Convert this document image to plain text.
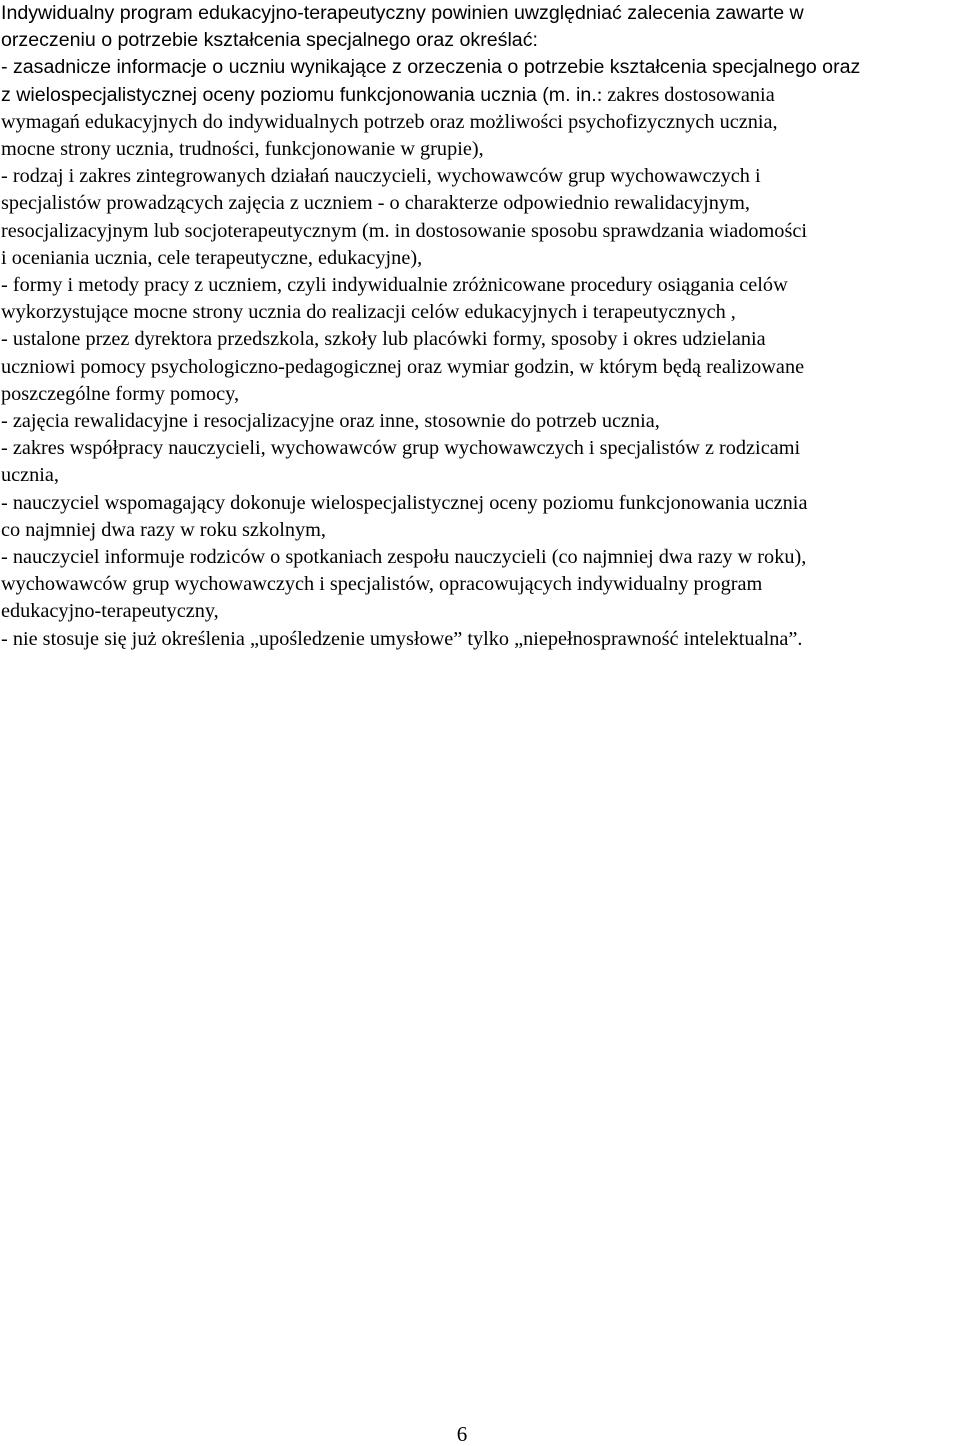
Indywidualny program edukacyjno-terapeutyczny powinien uwzględniać zalecenia zawarte w
orzeczeniu o potrzebie kształcenia specjalnego oraz określać:
- zasadnicze informacje o uczniu wynikające z orzeczenia o potrzebie kształcenia specjalnego oraz
z wielospecjalistycznej oceny poziomu funkcjonowania ucznia (m. in.: zakres dostosowania
wymagań edukacyjnych do indywidualnych potrzeb oraz możliwości psychofizycznych ucznia,
mocne strony ucznia, trudności, funkcjonowanie w grupie),
- rodzaj i zakres zintegrowanych działań nauczycieli, wychowawców grup wychowawczych i
specjalistów prowadzących zajęcia z uczniem - o charakterze odpowiednio rewalidacyjnym,
resocjalizacyjnym lub socjoterapeutycznym (m. in dostosowanie sposobu sprawdzania wiadomości
i oceniania ucznia, cele terapeutyczne, edukacyjne),
- formy i metody pracy z uczniem, czyli indywidualnie zróżnicowane procedury osiągania celów
wykorzystujące mocne strony ucznia do realizacji celów edukacyjnych i terapeutycznych ,
- ustalone przez dyrektora przedszkola, szkoły lub placówki formy, sposoby i okres udzielania
uczniowi pomocy psychologiczno-pedagogicznej oraz wymiar godzin, w którym będą realizowane
poszczególne formy pomocy,
- zajęcia rewalidacyjne i resocjalizacyjne oraz inne, stosownie do potrzeb ucznia,
- zakres współpracy nauczycieli, wychowawców grup wychowawczych i specjalistów z rodzicami
ucznia,
- nauczyciel wspomagający dokonuje wielospecjalistycznej oceny poziomu funkcjonowania ucznia
co najmniej dwa razy w roku szkolnym,
- nauczyciel informuje rodziców o spotkaniach zespołu nauczycieli (co najmniej dwa razy w roku),
wychowawców grup wychowawczych i specjalistów, opracowujących indywidualny program
edukacyjno-terapeutyczny,
- nie stosuje się już określenia „upośledzenie umysłowe” tylko „niepełnosprawność intelektualna”.
6
